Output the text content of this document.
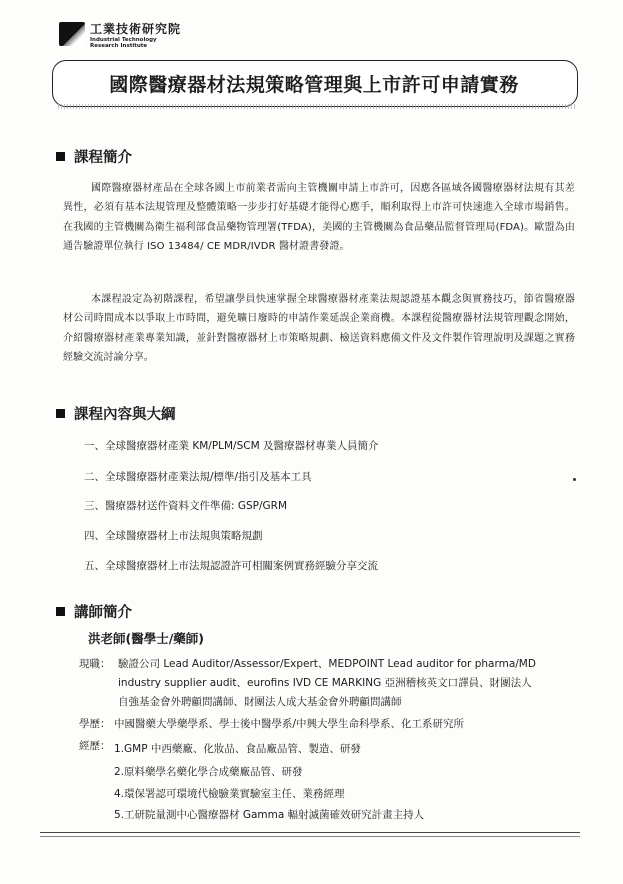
工業技術研究院
Industrial Technology
Research Institute
國際醫療器材法規策略管理與上市許可申請實務
課程簡介
國際醫療器材產品在全球各國上市前業者需向主管機關申請上市許可，因應各區域各國醫療器材法規有其差異性，必須有基本法規管理及整體策略一步步打好基礎才能得心應手，順利取得上市許可快速進入全球市場銷售。在我國的主管機關為衛生福利部食品藥物管理署(TFDA)，美國的主管機關為食品藥品監督管理局(FDA)。歐盟為由通告驗證單位執行 ISO 13484/ CE MDR/IVDR 醫材證書發證。
本課程設定為初階課程，希望讓學員快速掌握全球醫療器材產業法規認證基本觀念與實務技巧，節省醫療器材公司時間成本以爭取上市時間，避免曠日廢時的申請作業延誤企業商機。本課程從醫療器材法規管理觀念開始，介紹醫療器材產業專業知識，並針對醫療器材上市策略規劃、檢送資料應備文件及文件製作管理說明及課題之實務經驗交流討論分享。
課程內容與大綱
一、全球醫療器材產業 KM/PLM/SCM 及醫療器材專業人員簡介
二、全球醫療器材產業法規/標準/指引及基本工具
三、醫療器材送件資料文件準備: GSP/GRM
四、全球醫療器材上市法規與策略規劃
五、全球醫療器材上市法規認證許可相關案例實務經驗分享交流
講師簡介
洪老師(醫學士/藥師)
現職： 驗證公司 Lead Auditor/Assessor/Expert、MEDPOINT Lead auditor for pharma/MD
industry supplier audit、eurofins IVD CE MARKING 亞洲稽核英文口譯員、財團法人
自強基金會外聘顧問講師、財團法人成大基金會外聘顧問講師
學歷： 中國醫藥大學藥學系、學士後中醫學系/中興大學生命科學系、化工系研究所
經歷： 1.GMP 中西藥廠、化妝品、食品廠品管、製造、研發
2.原料藥學名藥化學合成藥廠品管、研發
4.環保署認可環境代檢驗業實驗室主任、業務經理
5.工研院量測中心醫療器材 Gamma 輻射滅菌確效研究計畫主持人
